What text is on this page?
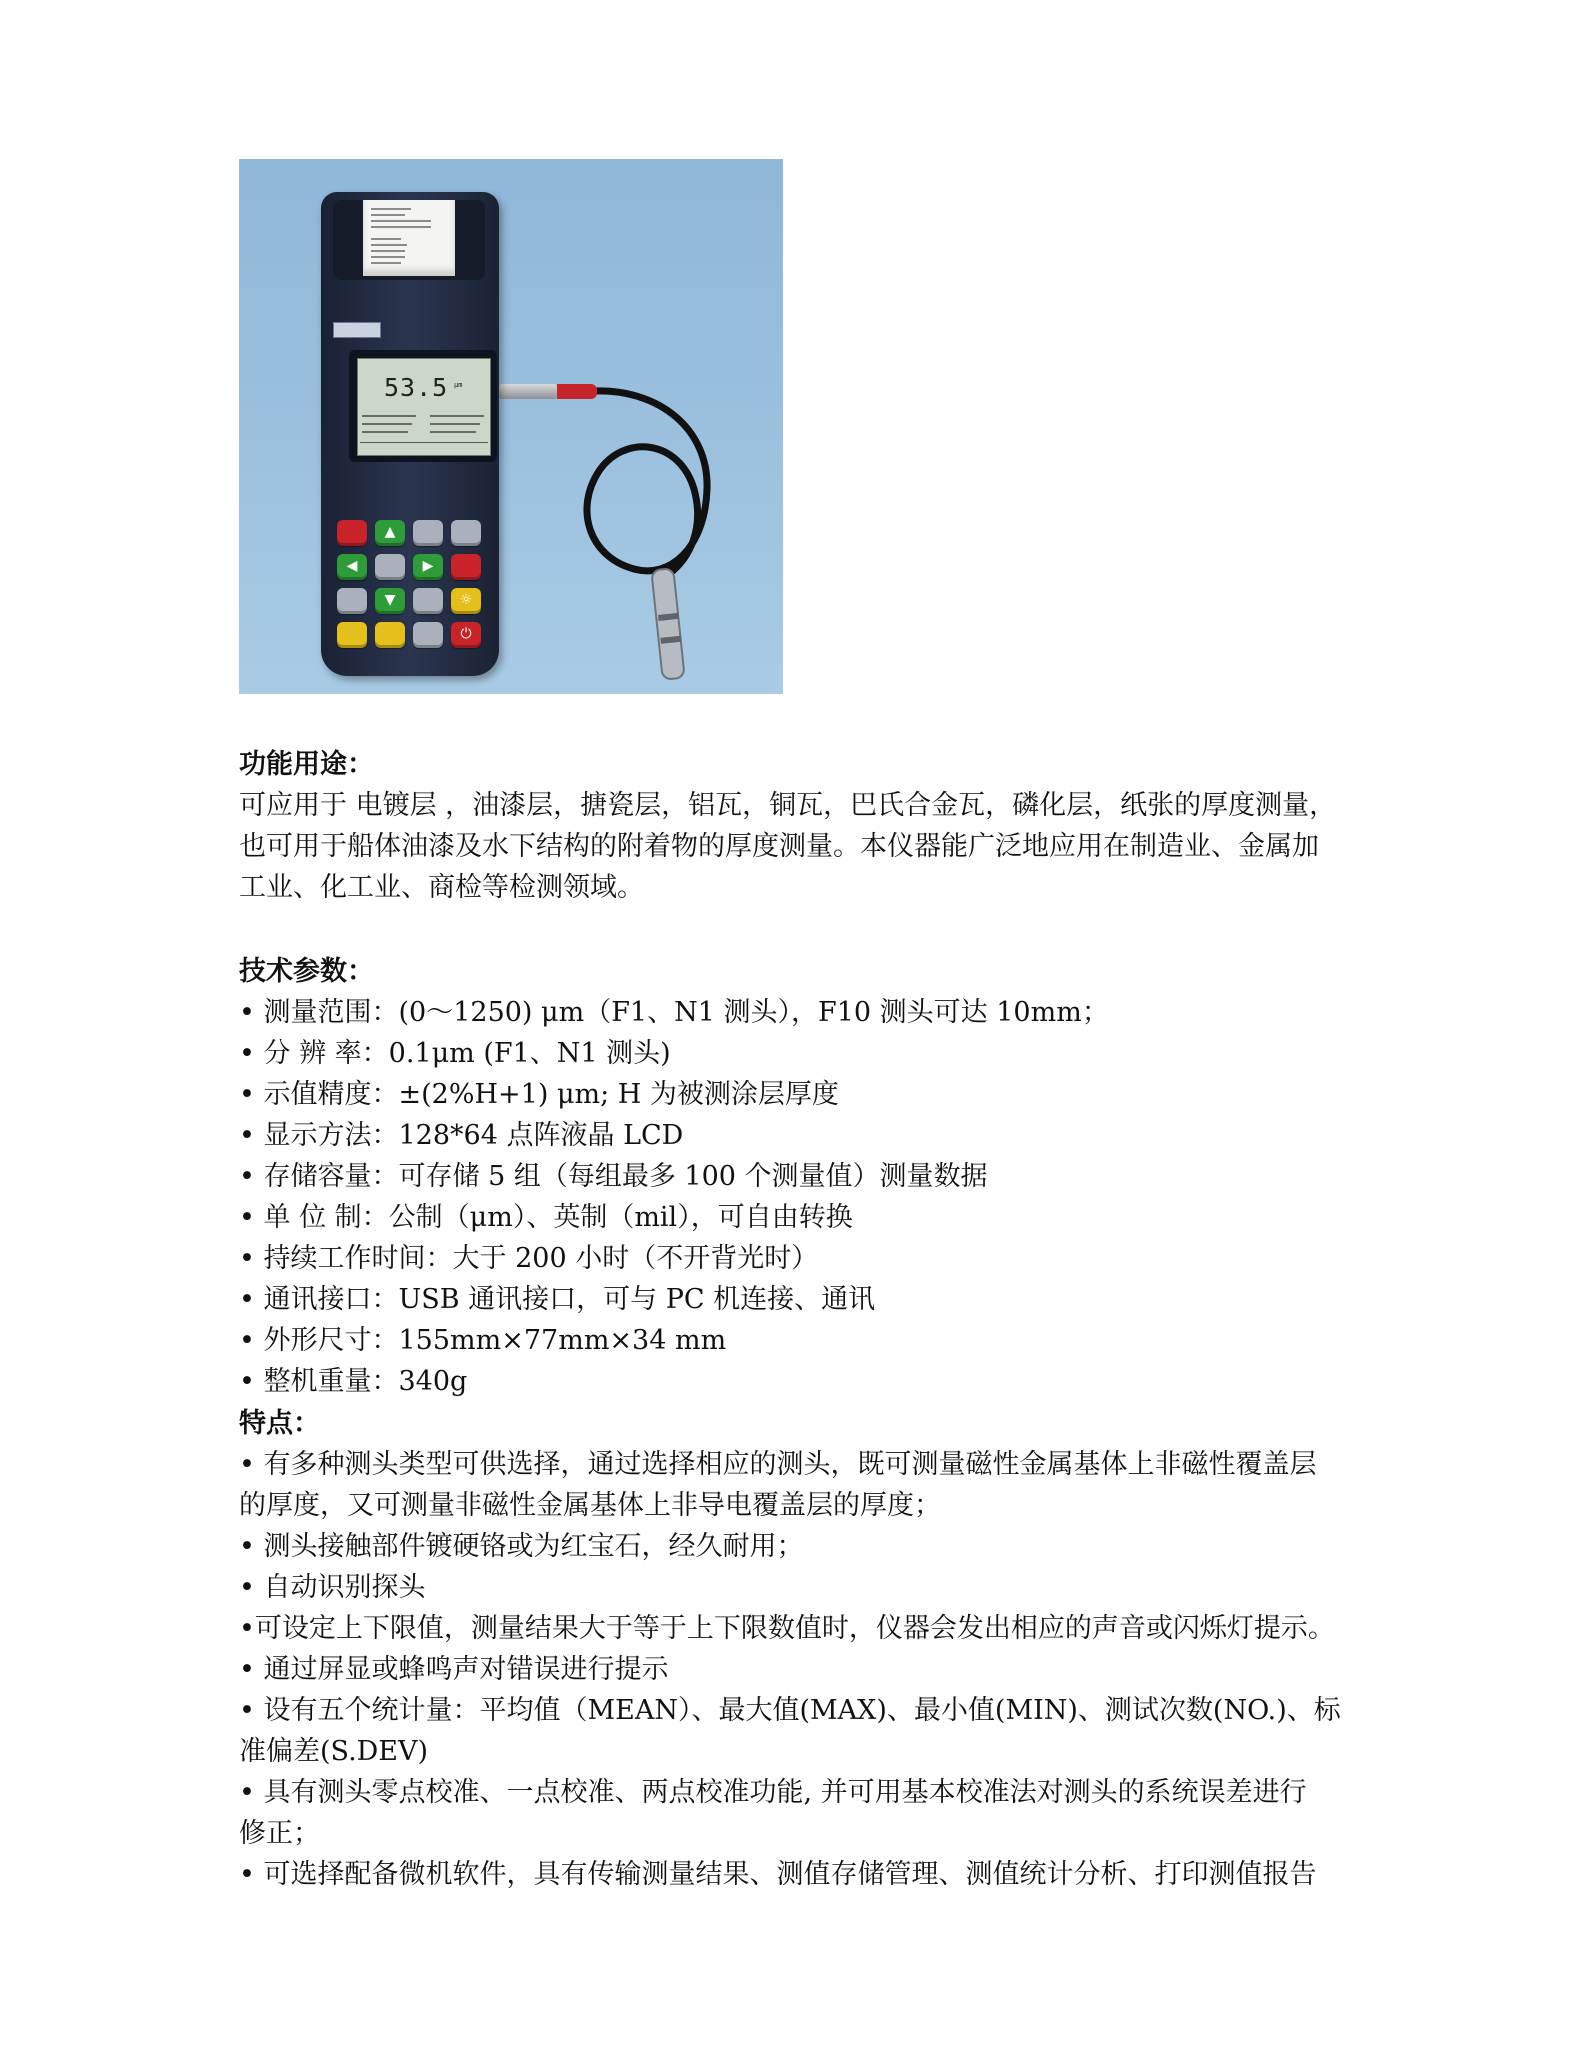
53.5 µm
▲
◀	▶
▼	☼
⏻
功能用途：
可应用于 电镀层 ，油漆层，搪瓷层，铝瓦，铜瓦，巴氏合金瓦，磷化层，纸张的厚度测量，
也可用于船体油漆及水下结构的附着物的厚度测量。本仪器能广泛地应用在制造业、金属加
工业、化工业、商检等检测领域。
技术参数：
• 测量范围：(0～1250) μm（F1、N1 测头），F10 测头可达 10mm；
• 分 辨 率：0.1μm (F1、N1 测头)
• 示值精度：±(2%H+1) μm; H 为被测涂层厚度
• 显示方法：128*64 点阵液晶 LCD
• 存储容量：可存储 5 组（每组最多 100 个测量值）测量数据
• 单 位 制：公制（μm）、英制（mil），可自由转换
• 持续工作时间：大于 200 小时（不开背光时）
• 通讯接口：USB 通讯接口，可与 PC 机连接、通讯
• 外形尺寸：155mm×77mm×34 mm
• 整机重量：340g
特点：
• 有多种测头类型可供选择，通过选择相应的测头，既可测量磁性金属基体上非磁性覆盖层
的厚度，又可测量非磁性金属基体上非导电覆盖层的厚度；
• 测头接触部件镀硬铬或为红宝石，经久耐用；
• 自动识别探头
•可设定上下限值，测量结果大于等于上下限数值时，仪器会发出相应的声音或闪烁灯提示。
• 通过屏显或蜂鸣声对错误进行提示
• 设有五个统计量：平均值（MEAN）、最大值(MAX)、最小值(MIN)、测试次数(NO.)、标
准偏差(S.DEV)
• 具有测头零点校准、一点校准、两点校准功能, 并可用基本校准法对测头的系统误差进行
修正；
• 可选择配备微机软件，具有传输测量结果、测值存储管理、测值统计分析、打印测值报告
